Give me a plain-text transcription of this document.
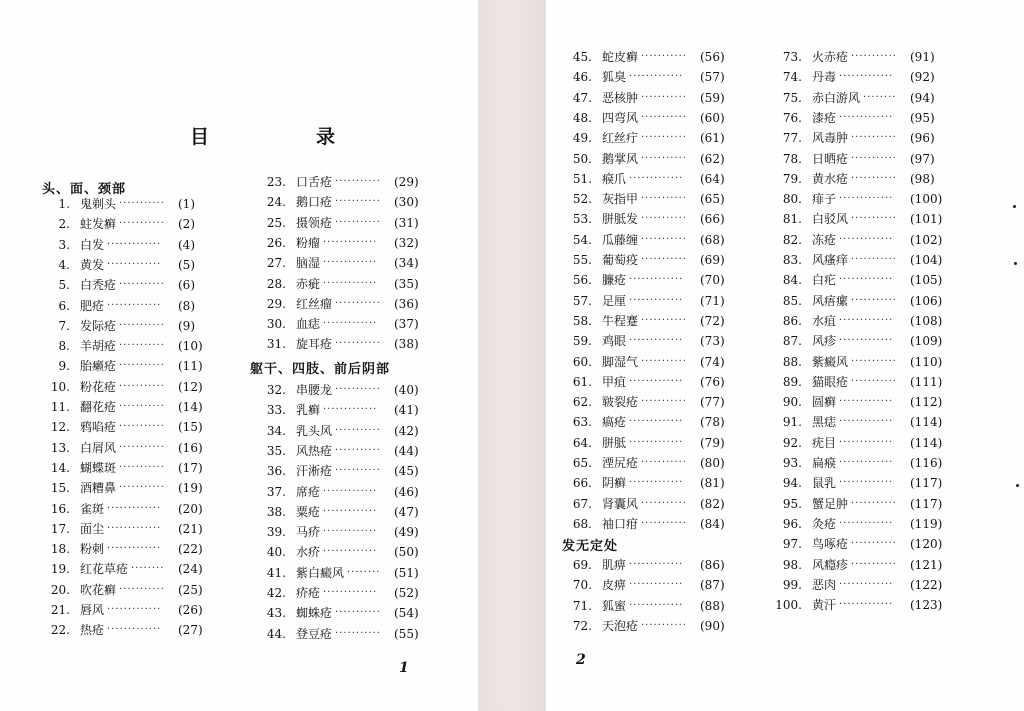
目　录
头、面、颈部
1. 鬼剃头 ··········· (1)
2. 蛀发癣 ··········· (2)
3. 白发 ············· (4)
4. 黄发 ············· (5)
5. 白秃疮 ··········· (6)
6. 肥疮 ············· (8)
7. 发际疮 ··········· (9)
8. 羊胡疮 ··········· (10)
9. 胎癞疮 ··········· (11)
10. 粉花疮 ··········· (12)
11. 翻花疮 ··········· (14)
12. 鸦啗疮 ··········· (15)
13. 白屑风 ··········· (16)
14. 蝴蝶斑 ··········· (17)
15. 酒糟鼻 ··········· (19)
16. 雀斑 ············· (20)
17. 面尘 ············· (21)
18. 粉刺 ············· (22)
19. 红花草疮 ········ (24)
20. 吹花癣 ··········· (25)
21. 唇风 ············· (26)
22. 热疮 ············· (27)
23. 口舌疮 ··········· (29)
24. 鹅口疮 ··········· (30)
25. 摄领疮 ··········· (31)
26. 粉瘤 ············· (32)
27. 脑湿 ············· (34)
28. 赤疵 ············· (35)
29. 红丝瘤 ··········· (36)
30. 血痣 ············· (37)
31. 旋耳疮 ··········· (38)
躯干、四肢、前后阴部
32. 串腰龙 ··········· (40)
33. 乳癣 ············· (41)
34. 乳头风 ··········· (42)
35. 风热疮 ··········· (44)
36. 汗淅疮 ··········· (45)
37. 席疮 ············· (46)
38. 粟疮 ············· (47)
39. 马疥 ············· (49)
40. 水疥 ············· (50)
41. 紫白癜风 ········ (51)
42. 疥疮 ············· (52)
43. 蜘蛛疮 ··········· (54)
44. 登豆疮 ··········· (55)
1
45. 蛇皮癣 ··········· (56)
46. 狐臭 ············· (57)
47. 恶核肿 ··········· (59)
48. 四弯风 ··········· (60)
49. 红丝疔 ··········· (61)
50. 鹅掌风 ··········· (62)
51. 瘊爪 ············· (64)
52. 灰指甲 ··········· (65)
53. 胼胝发 ··········· (66)
54. 瓜藤缠 ··········· (68)
55. 葡萄疫 ··········· (69)
56. 臁疮 ············· (70)
57. 足厘 ············· (71)
58. 牛程蹇 ··········· (72)
59. 鸡眼 ············· (73)
60. 脚湿气 ··········· (74)
61. 甲疽 ············· (76)
62. 皲裂疮 ··········· (77)
63. 瘑疮 ············· (78)
64. 胼胝 ············· (79)
65. 湮尻疮 ··········· (80)
66. 阴癣 ············· (81)
67. 肾囊风 ··········· (82)
68. 袖口疳 ··········· (84)
发无定处
69. 肌痹 ············· (86)
70. 皮痹 ············· (87)
71. 狐蜜 ············· (88)
72. 天泡疮 ··········· (90)
73. 火赤疮 ··········· (91)
74. 丹毒 ············· (92)
75. 赤白游风 ········ (94)
76. 漆疮 ············· (95)
77. 风毒肿 ··········· (96)
78. 日晒疮 ··········· (97)
79. 黄水疮 ··········· (98)
80. 痱子 ············· (100)
81. 白驳风 ··········· (101)
82. 冻疮 ············· (102)
83. 风瘙痒 ··········· (104)
84. 白疕 ············· (105)
85. 风痦瘰 ··········· (106)
86. 水疽 ············· (108)
87. 风疹 ············· (109)
88. 紫癜风 ··········· (110)
89. 猫眼疮 ··········· (111)
90. 圆癣 ············· (112)
91. 黑痣 ············· (114)
92. 疣目 ············· (114)
93. 扁瘊 ············· (116)
94. 鼠乳 ············· (117)
95. 蟹足肿 ··········· (117)
96. 灸疮 ············· (119)
97. 鸟啄疮 ··········· (120)
98. 风瘾疹 ··········· (121)
99. 恶肉 ············· (122)
100. 黄汗 ············· (123)
2
